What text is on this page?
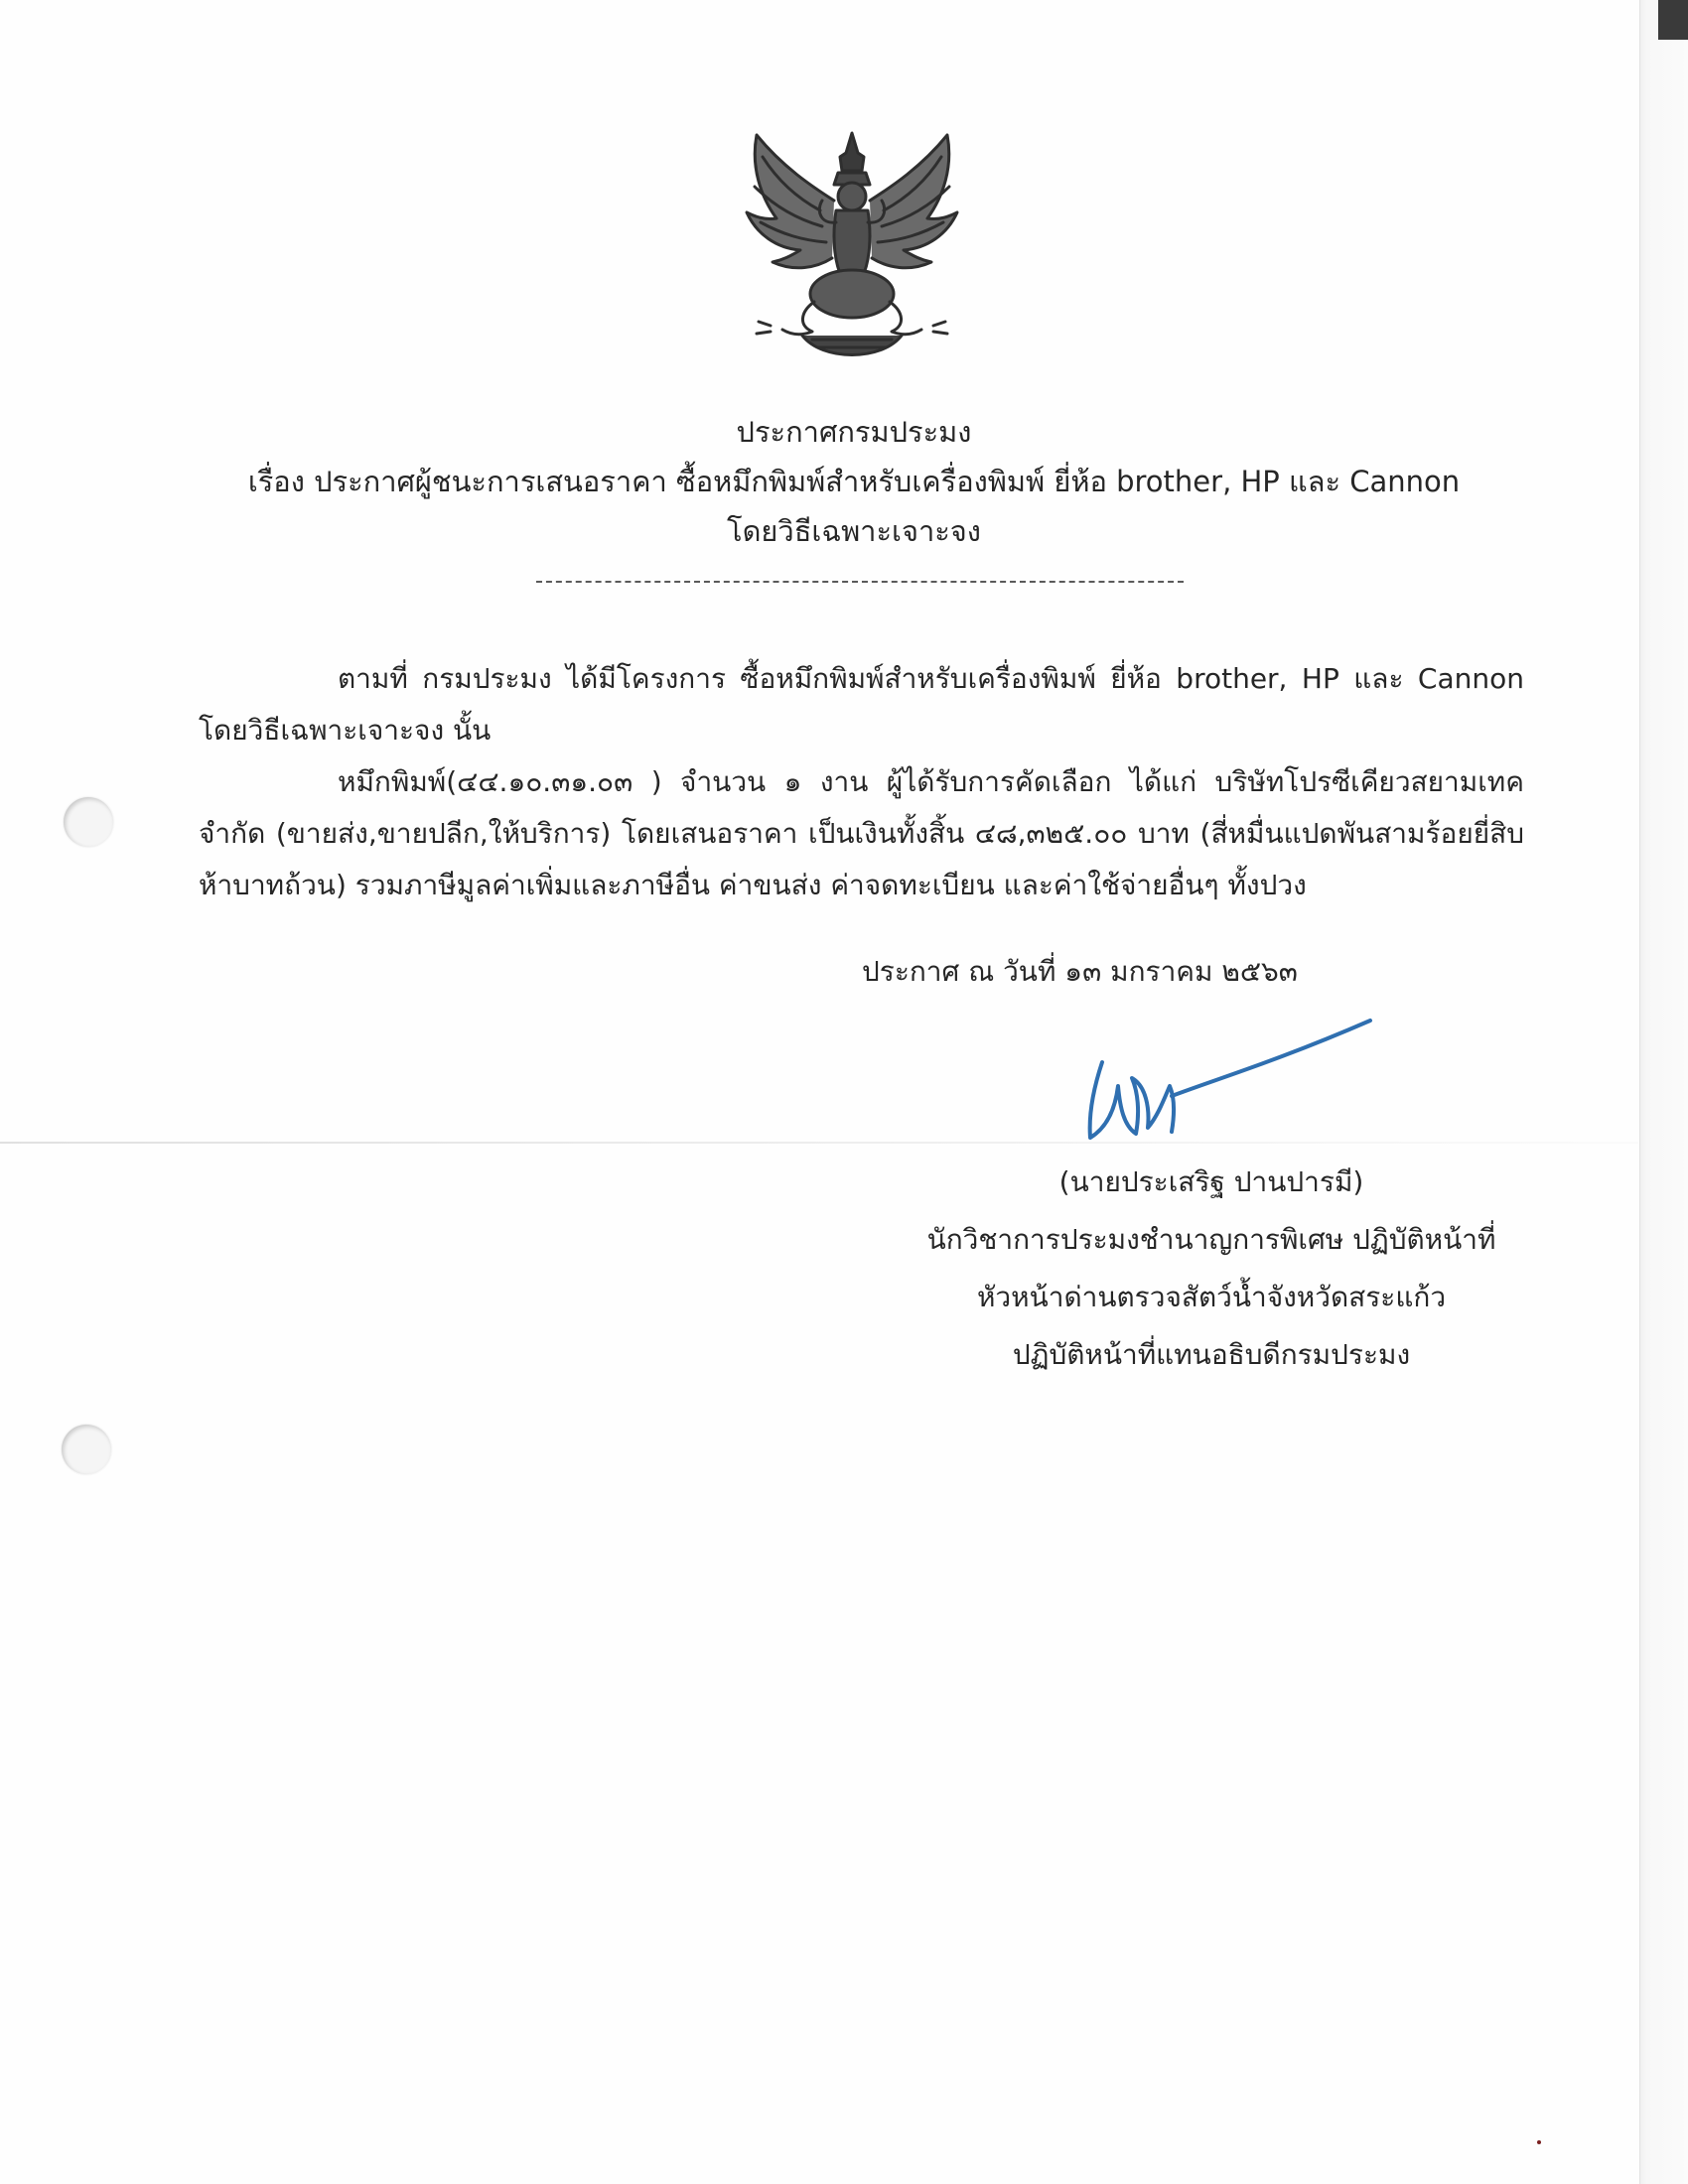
ประกาศกรมประมง
เรื่อง ประกาศผู้ชนะการเสนอราคา ซื้อหมึกพิมพ์สำหรับเครื่องพิมพ์ ยี่ห้อ brother, HP และ Cannon
โดยวิธีเฉพาะเจาะจง

ตามที่ กรมประมง ได้มีโครงการ ซื้อหมึกพิมพ์สำหรับเครื่องพิมพ์ ยี่ห้อ brother, HP และ Cannon โดยวิธีเฉพาะเจาะจง นั้น

หมึกพิมพ์(๔๔.๑๐.๓๑.๐๓ ) จำนวน ๑ งาน ผู้ได้รับการคัดเลือก ได้แก่ บริษัทโปรซีเคียวสยามเทค จำกัด (ขายส่ง,ขายปลีก,ให้บริการ) โดยเสนอราคา เป็นเงินทั้งสิ้น ๔๘,๓๒๕.๐๐ บาท (สี่หมื่นแปดพันสามร้อยยี่สิบห้าบาทถ้วน) รวมภาษีมูลค่าเพิ่มและภาษีอื่น ค่าขนส่ง ค่าจดทะเบียน และค่าใช้จ่ายอื่นๆ ทั้งปวง

ประกาศ ณ วันที่ ๑๓ มกราคม ๒๕๖๓
(นายประเสริฐ ปานปารมี)
นักวิชาการประมงชำนาญการพิเศษ ปฏิบัติหน้าที่
หัวหน้าด่านตรวจสัตว์น้ำจังหวัดสระแก้ว
ปฏิบัติหน้าที่แทนอธิบดีกรมประมง
